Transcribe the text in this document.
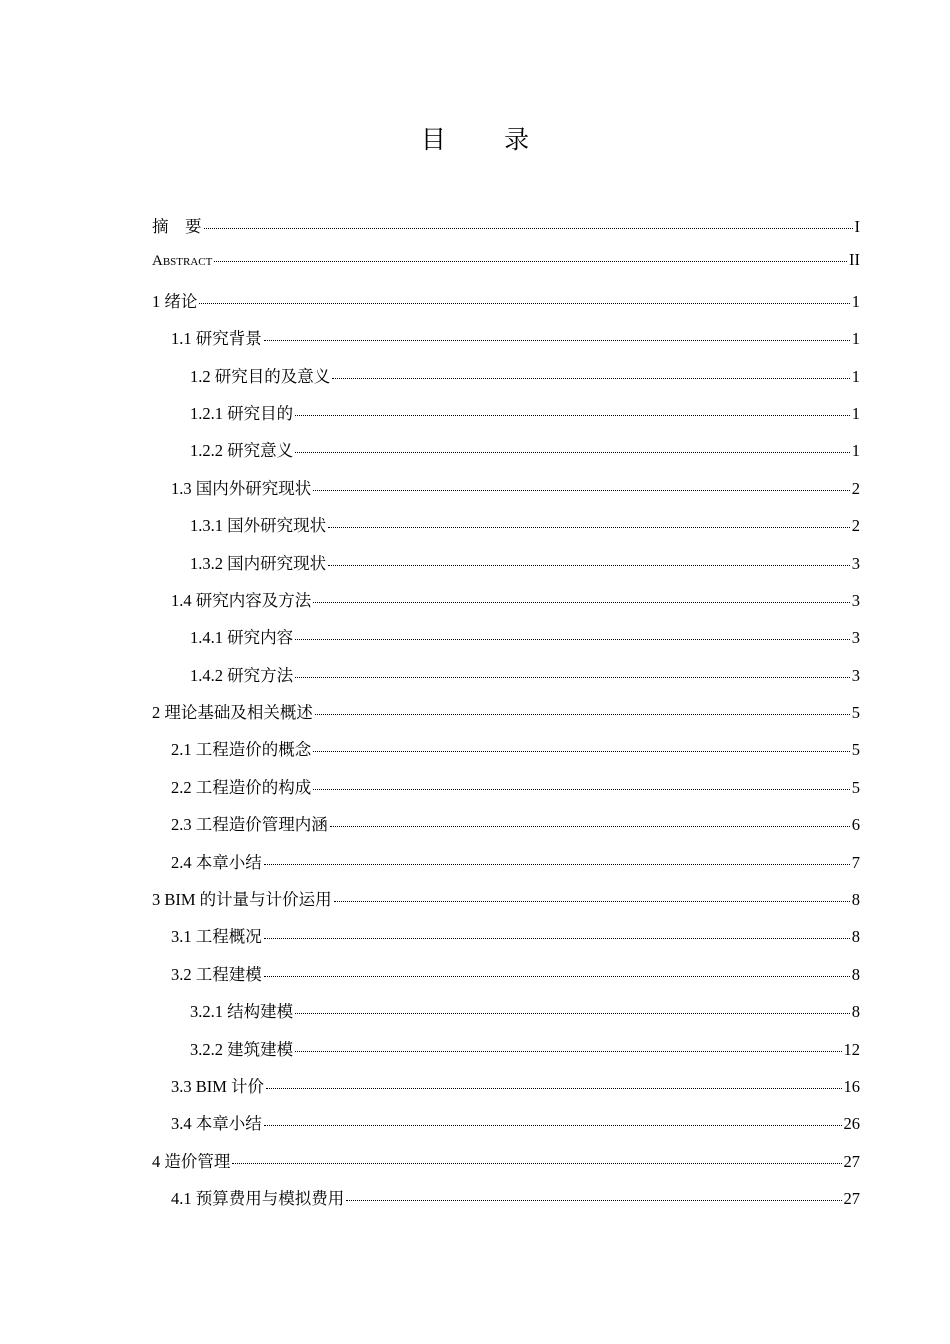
目 录
摘　要	I
Abstract	II
1 绪论	1
1.1 研究背景	1
1.2 研究目的及意义	1
1.2.1 研究目的	1
1.2.2 研究意义	1
1.3 国内外研究现状	2
1.3.1 国外研究现状	2
1.3.2 国内研究现状	3
1.4 研究内容及方法	3
1.4.1 研究内容	3
1.4.2 研究方法	3
2 理论基础及相关概述	5
2.1 工程造价的概念	5
2.2 工程造价的构成	5
2.3 工程造价管理内涵	6
2.4 本章小结	7
3 BIM 的计量与计价运用	8
3.1 工程概况	8
3.2 工程建模	8
3.2.1 结构建模	8
3.2.2 建筑建模	12
3.3 BIM 计价	16
3.4 本章小结	26
4 造价管理	27
4.1 预算费用与模拟费用	27
